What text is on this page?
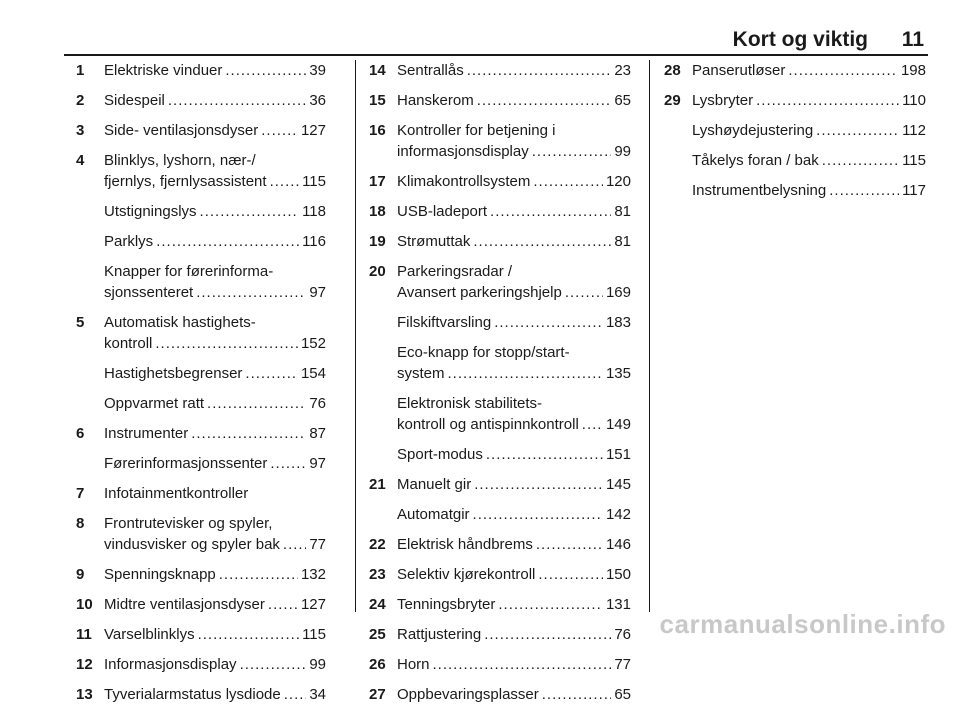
Kort og viktig 11
1 Elektriske vinduer .....	39
2 Sidespeil .....	36
3 Side- ventilasjonsdyser .....	127
4 Blinklys, lyshorn, nær-/
fjernlys, fjernlysassistent ..... 115
Utstigningslys .....	118
Parklys .....	116
Knapper for førerinforma-
sjonssenteret .....	97
5 Automatisk hastighets-
kontroll .....	152
Hastighetsbegrenser .....	154
Oppvarmet ratt .....	76
6 Instrumenter .....	87
Førerinformasjonssenter .....	97
7 Infotainmentkontroller
8 Frontrutevisker og spyler,
vindusvisker og spyler bak ..... 77
9 Spenningsknapp .....	132
10 Midtre ventilasjonsdyser ..... 127
11 Varselblinklys .....	115
12 Informasjonsdisplay .....	99
13 Tyverialarmstatus lysdiode ..... 34
14 Sentrallås .....	23
15 Hanskerom .....	65
16 Kontroller for betjening i
informasjonsdisplay .....	99
17 Klimakontrollsystem .....	120
18 USB-ladeport .....	81
19 Strømuttak .....	81
20 Parkeringsradar /
Avansert parkeringshjelp .....	169
Filskiftvarsling .....	183
Eco-knapp for stopp/start-
system .....	135
Elektronisk stabilitets-
kontroll og antispinnkontroll ..... 149
Sport-modus .....	151
21 Manuelt gir .....	145
Automatgir .....	142
22 Elektrisk håndbrems .....	146
23 Selektiv kjørekontroll .....	150
24 Tenningsbryter .....	131
25 Rattjustering .....	76
26 Horn .....	77
27 Oppbevaringsplasser .....	65
28 Panserutløser .....	198
29 Lysbryter .....	110
Lyshøydejustering .....	112
Tåkelys foran / bak .....	115
Instrumentbelysning .....	117
carmanualsonline.info
